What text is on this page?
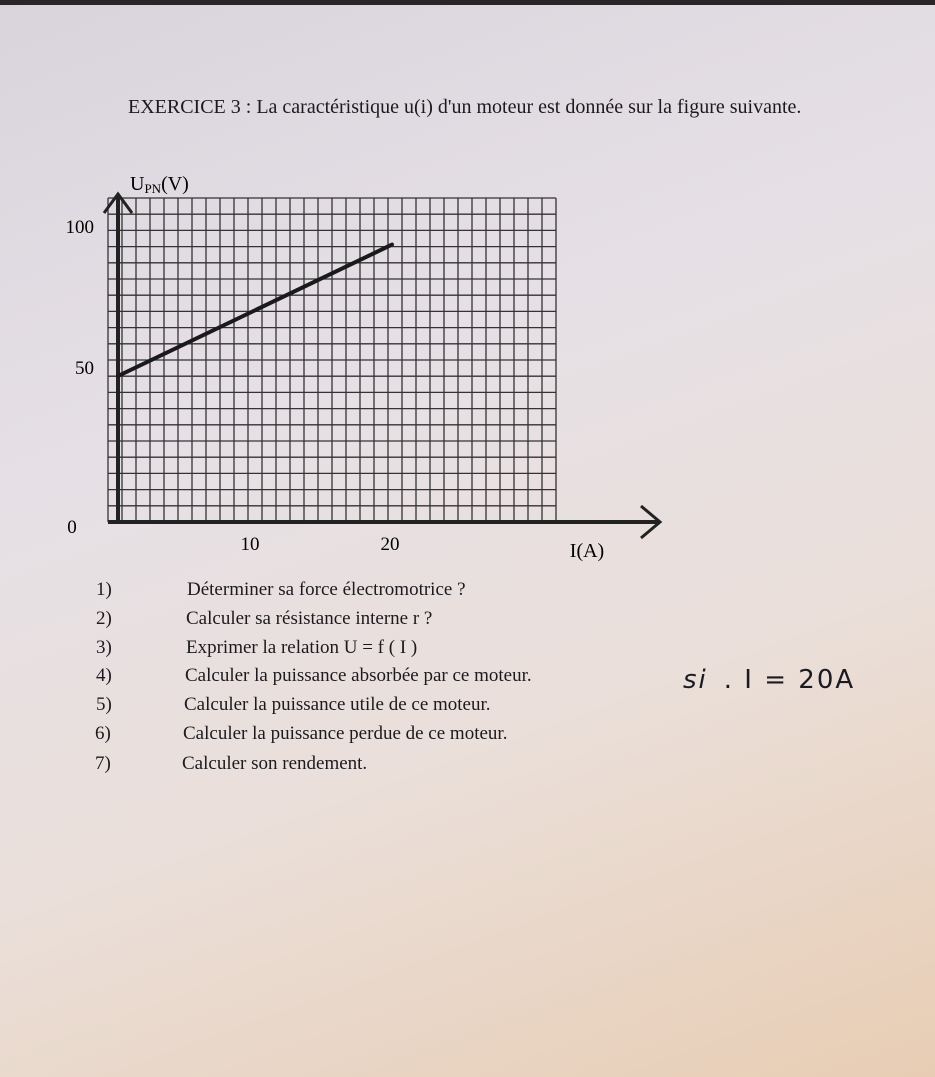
EXERCICE 3 : La caractéristique u(i) d'un moteur est donnée sur la figure suivante.
100
50
0
10	20	I(A)
UPN(V)
1)	Déterminer sa force électromotrice ?
2)	Calculer sa résistance interne r ?
3)	Exprimer la relation U = f ( I )
4)	Calculer la puissance absorbée par ce moteur.
5)	Calculer la puissance utile de ce moteur.
6)	Calculer la puissance perdue de ce moteur.
7)	Calculer son rendement.
si . I = 20A
